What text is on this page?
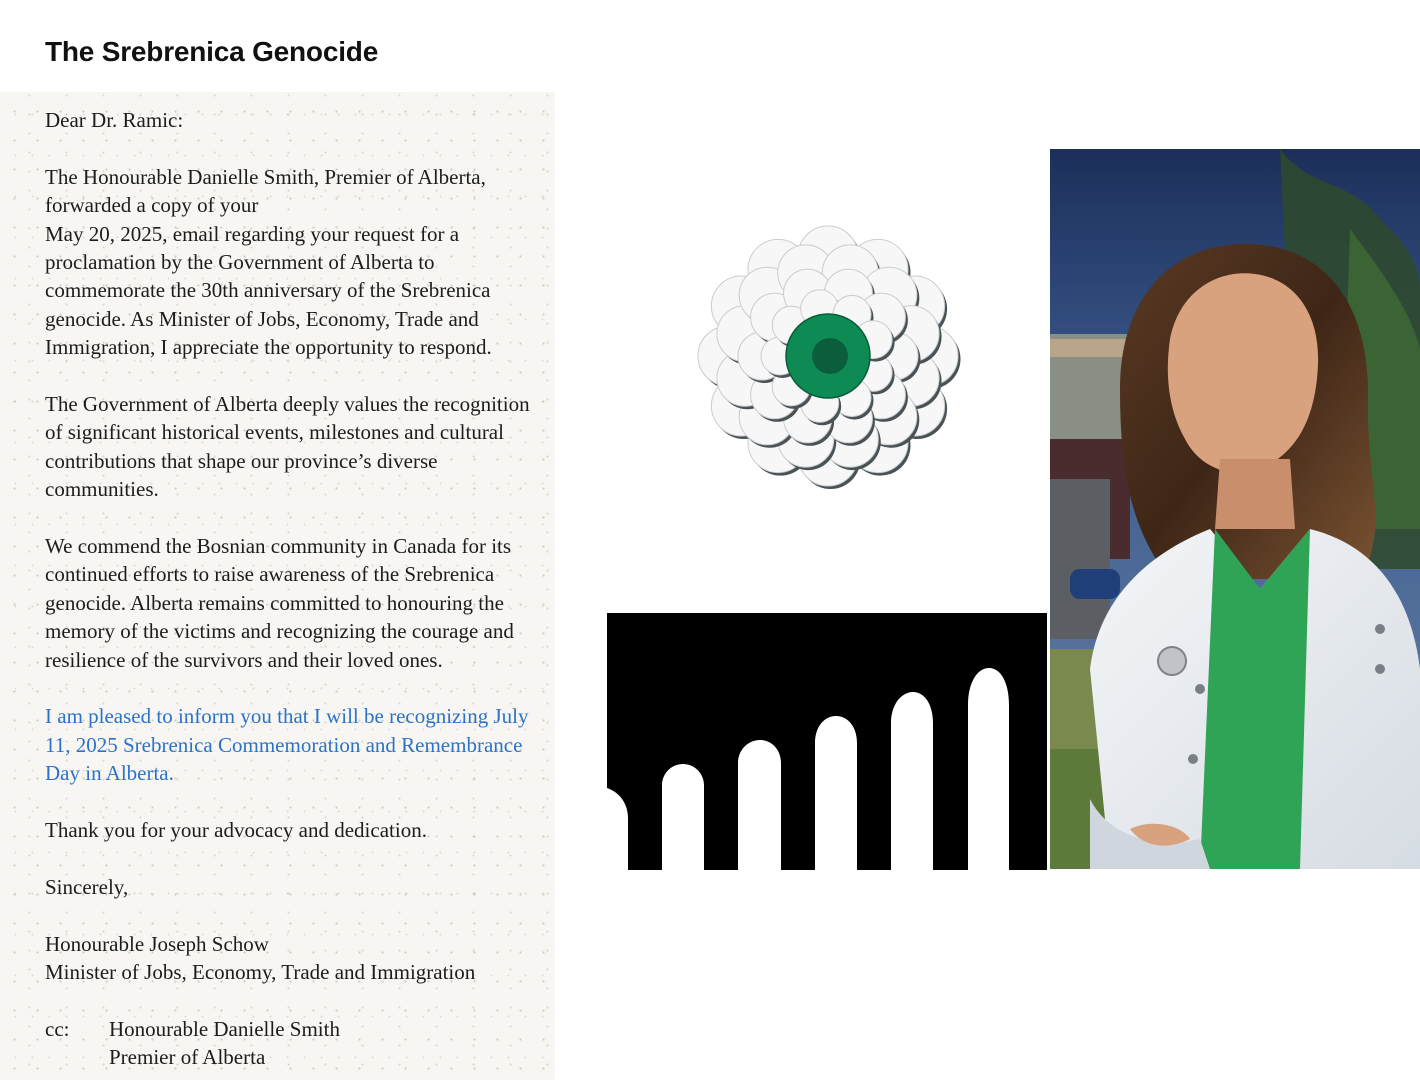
The Srebrenica Genocide

Dear Dr. Ramic:

The Honourable Danielle Smith, Premier of Alberta,
forwarded a copy of your
May 20, 2025, email regarding your request for a
proclamation by the Government of Alberta to
commemorate the 30th anniversary of the Srebrenica
genocide. As Minister of Jobs, Economy, Trade and
Immigration, I appreciate the opportunity to respond.

The Government of Alberta deeply values the recognition
of significant historical events, milestones and cultural
contributions that shape our province’s diverse
communities.

We commend the Bosnian community in Canada for its
continued efforts to raise awareness of the Srebrenica
genocide. Alberta remains committed to honouring the
memory of the victims and recognizing the courage and
resilience of the survivors and their loved ones.

I am pleased to inform you that I will be recognizing July
11, 2025 Srebrenica Commemoration and Remembrance
Day in Alberta.

Thank you for your advocacy and dedication.

Sincerely,

Honourable Joseph Schow

Minister of Jobs, Economy, Trade and Immigration

cc:	Honourable Danielle Smith
Premier of Alberta
